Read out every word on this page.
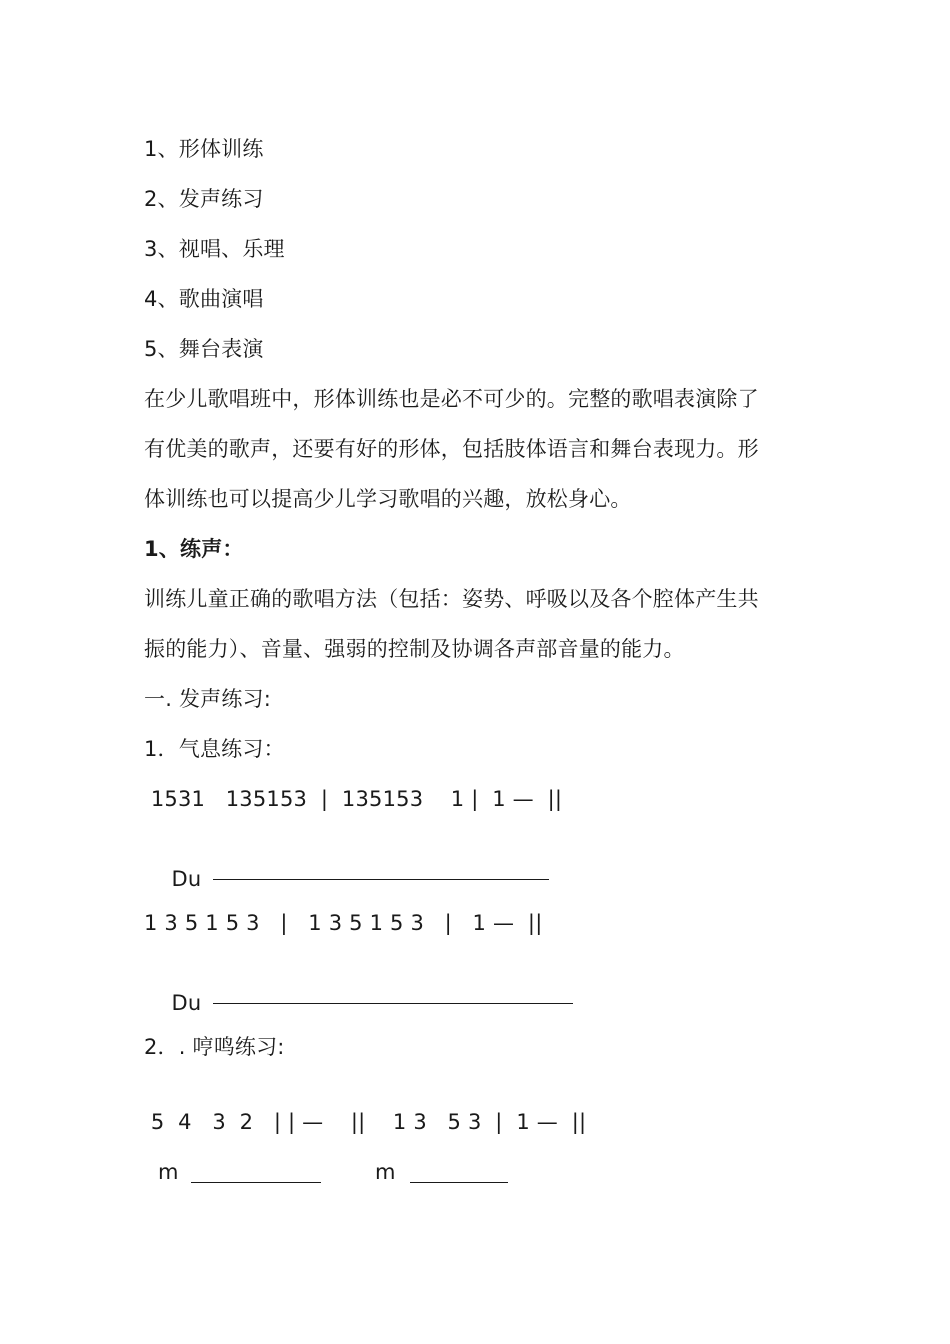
1、形体训练
2、发声练习
3、视唱、乐理
4、歌曲演唱
5、舞台表演
在少儿歌唱班中，形体训练也是必不可少的。完整的歌唱表演除了
有优美的歌声，还要有好的形体，包括肢体语言和舞台表现力。形
体训练也可以提高少儿学习歌唱的兴趣，放松身心。
1、练声：
训练儿童正确的歌唱方法（包括：姿势、呼吸以及各个腔体产生共
振的能力）、音量、强弱的控制及协调各声部音量的能力。
一. 发声练习:
1．气息练习：
1531   135153  |  135153    1 |  1 —  ||

Du

1 3 5 1 5 3   |   1 3 5 1 5 3   |   1 —  ||

Du

2．. 哼鸣练习:
5  4   3  2   | | —    ||    1 3   5 3  |  1 —  ||
m	m
